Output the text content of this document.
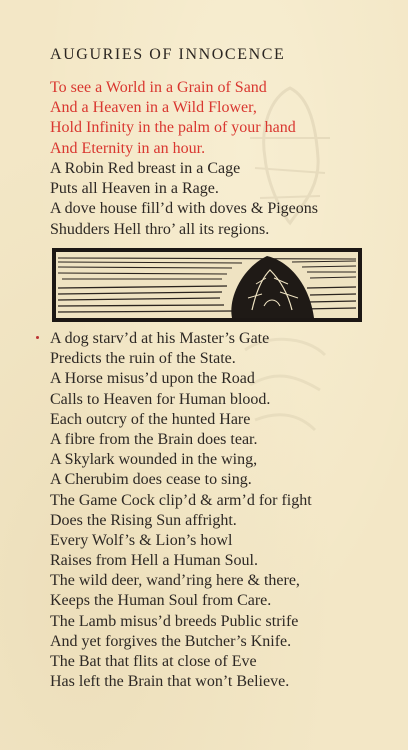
AUGURIES OF INNOCENCE
To see a World in a Grain of Sand
And a Heaven in a Wild Flower,
Hold Infinity in the palm of your hand
And Eternity in an hour.
A Robin Red breast in a Cage
Puts all Heaven in a Rage.
A dove house fill’d with doves & Pigeons
Shudders Hell thro’ all its regions.
A dog starv’d at his Master’s Gate
Predicts the ruin of the State.
A Horse misus’d upon the Road
Calls to Heaven for Human blood.
Each outcry of the hunted Hare
A fibre from the Brain does tear.
A Skylark wounded in the wing,
A Cherubim does cease to sing.
The Game Cock clip’d & arm’d for fight
Does the Rising Sun affright.
Every Wolf’s & Lion’s howl
Raises from Hell a Human Soul.
The wild deer, wand’ring here & there,
Keeps the Human Soul from Care.
The Lamb misus’d breeds Public strife
And yet forgives the Butcher’s Knife.
The Bat that flits at close of Eve
Has left the Brain that won’t Believe.
